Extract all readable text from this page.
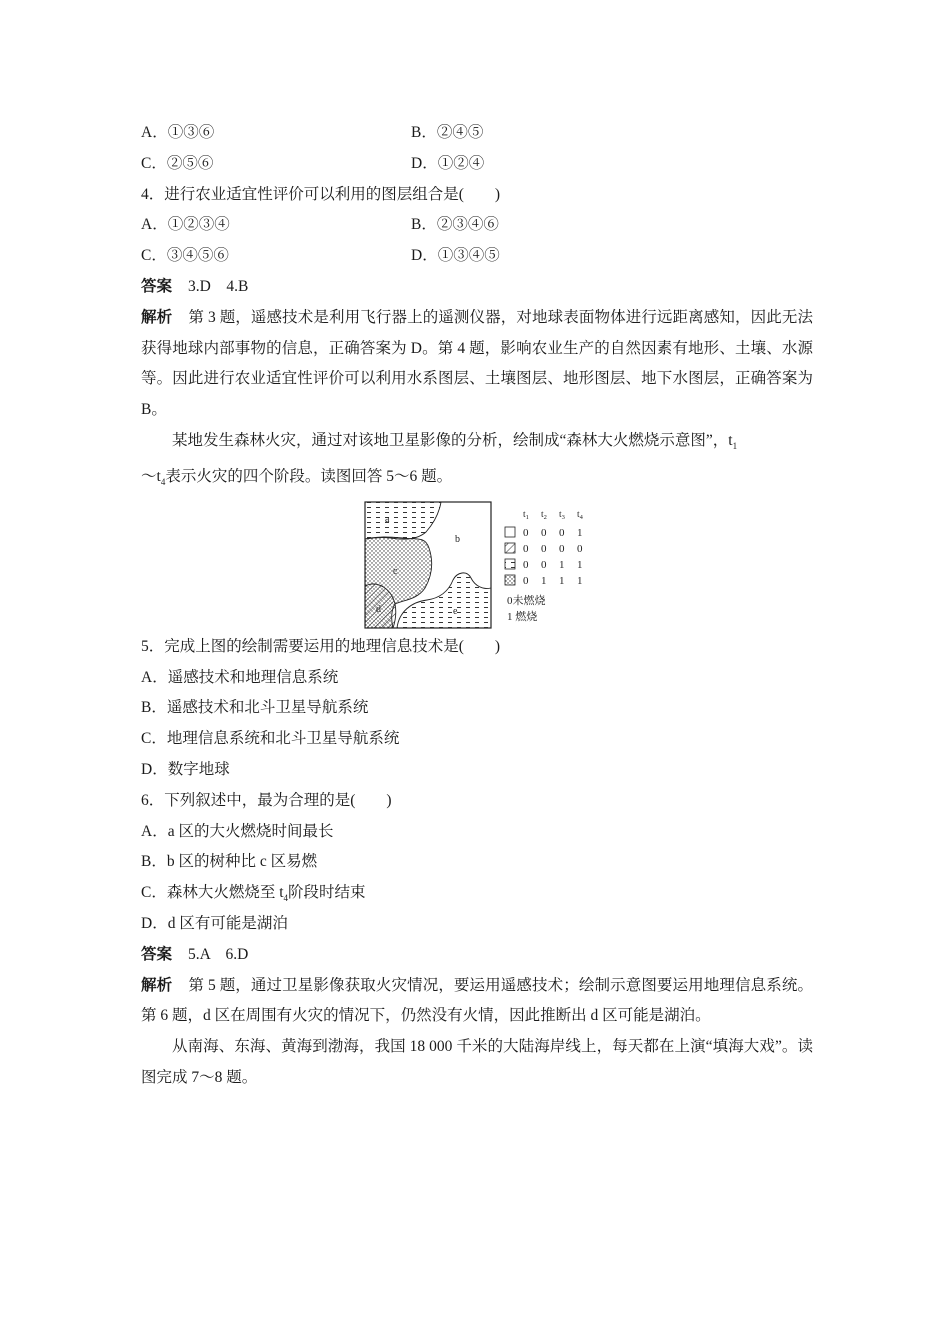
A．①③⑥	B．②④⑤
C．②⑤⑥	D．①②④
4．进行农业适宜性评价可以利用的图层组合是(　　)
A．①②③④	B．②③④⑥
C．③④⑤⑥	D．①③④⑤
答案 3.D　4.B
解析 第 3 题，遥感技术是利用飞行器上的遥测仪器，对地球表面物体进行远距离感知，因此无法获得地球内部事物的信息，正确答案为 D。第 4 题，影响农业生产的自然因素有地形、土壤、水源等。因此进行农业适宜性评价可以利用水系图层、土壤图层、地形图层、地下水图层，正确答案为 B。
某地发生森林火灾，通过对该地卫星影像的分析，绘制成“森林大火燃烧示意图”，$t_1$
$\sim t_4$表示火灾的四个阶段。读图回答 5～6 题。
a
b
c
d	e
$t_1$ $t_2$ $t_3$ $t_4$
0 0 0 1
0 0 0 0
0 0 1 1
0 1 1 1
0未燃烧
1 燃烧
5．完成上图的绘制需要运用的地理信息技术是(　　)
A．遥感技术和地理信息系统
B．遥感技术和北斗卫星导航系统
C．地理信息系统和北斗卫星导航系统
D．数字地球
6．下列叙述中，最为合理的是(　　)
A．a 区的大火燃烧时间最长
B．b 区的树种比 c 区易燃
C．森林大火燃烧至 $t_4$阶段时结束
D．d 区有可能是湖泊
答案 5.A　6.D
解析 第 5 题，通过卫星影像获取火灾情况，要运用遥感技术；绘制示意图要运用地理信息系统。第 6 题，d 区在周围有火灾的情况下，仍然没有火情，因此推断出 d 区可能是湖泊。
从南海、东海、黄海到渤海，我国 18 000 千米的大陆海岸线上，每天都在上演“填海大戏”。读图完成 7～8 题。
